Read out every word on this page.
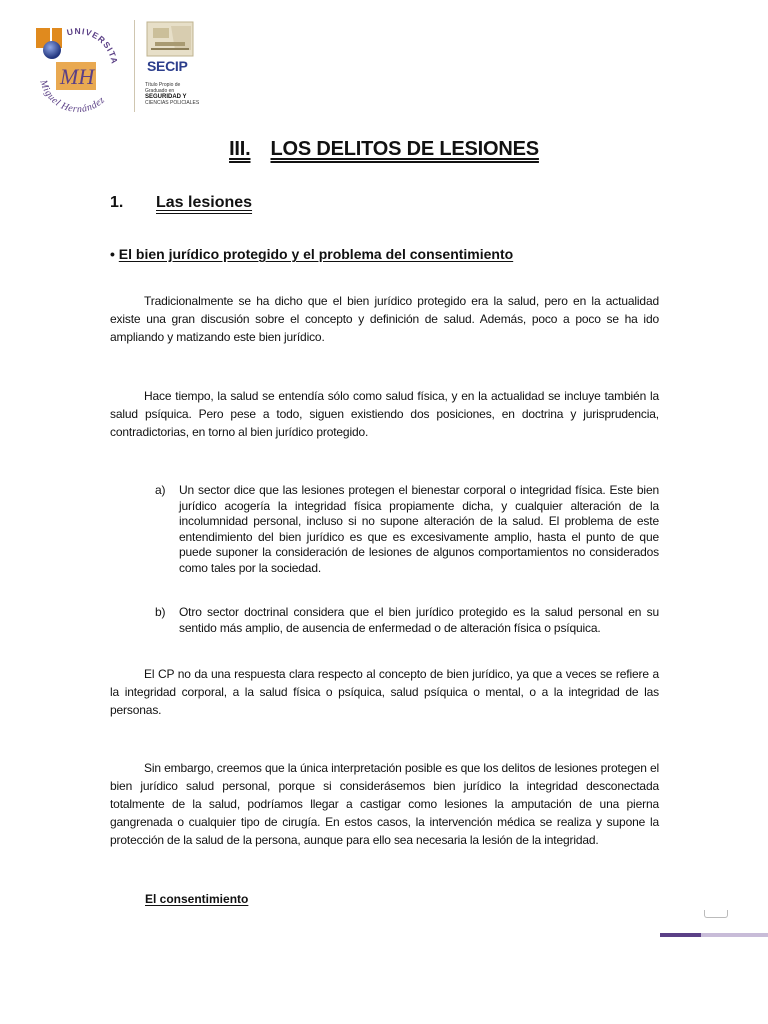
MH
UNIVERSITA
Miguel Hernández
SECIP
Título Propio de
Graduado en
SEGURIDAD Y
CIENCIAS POLICIALES
III. LOS DELITOS DE LESIONES
1. Las lesiones
• El bien jurídico protegido y el problema del consentimiento

Tradicionalmente se ha dicho que el bien jurídico protegido era la salud, pero en la actualidad existe una gran discusión sobre el concepto y definición de salud. Además, poco a poco se ha ido ampliando y matizando este bien jurídico.

Hace tiempo, la salud se entendía sólo como salud física, y en la actualidad se incluye también la salud psíquica. Pero pese a todo, siguen existiendo dos posiciones, en doctrina y jurisprudencia, contradictorias, en torno al bien jurídico protegido.

a)	Un sector dice que las lesiones protegen el bienestar corporal o integridad física. Este bien jurídico acogería la integridad física propiamente dicha, y cualquier alteración de la incolumnidad personal, incluso si no supone alteración de la salud. El problema de este entendimiento del bien jurídico es que es excesivamente amplio, hasta el punto de que puede suponer la consideración de lesiones de algunos comportamientos no considerados como tales por la sociedad.
b)	Otro sector doctrinal considera que el bien jurídico protegido es la salud personal en su sentido más amplio, de ausencia de enfermedad o de alteración física o psíquica.

El CP no da una respuesta clara respecto al concepto de bien jurídico, ya que a veces se refiere a la integridad corporal, a la salud física o psíquica, salud psíquica o mental, o a la integridad de las personas.

Sin embargo, creemos que la única interpretación posible es que los delitos de lesiones protegen el bien jurídico salud personal, porque si considerásemos bien jurídico la integridad desconectada totalmente de la salud, podríamos llegar a castigar como lesiones la amputación de una pierna gangrenada o cualquier tipo de cirugía. En estos casos, la intervención médica se realiza y supone la protección de la salud de la persona, aunque para ello sea necesaria la lesión de la integridad.

El consentimiento
